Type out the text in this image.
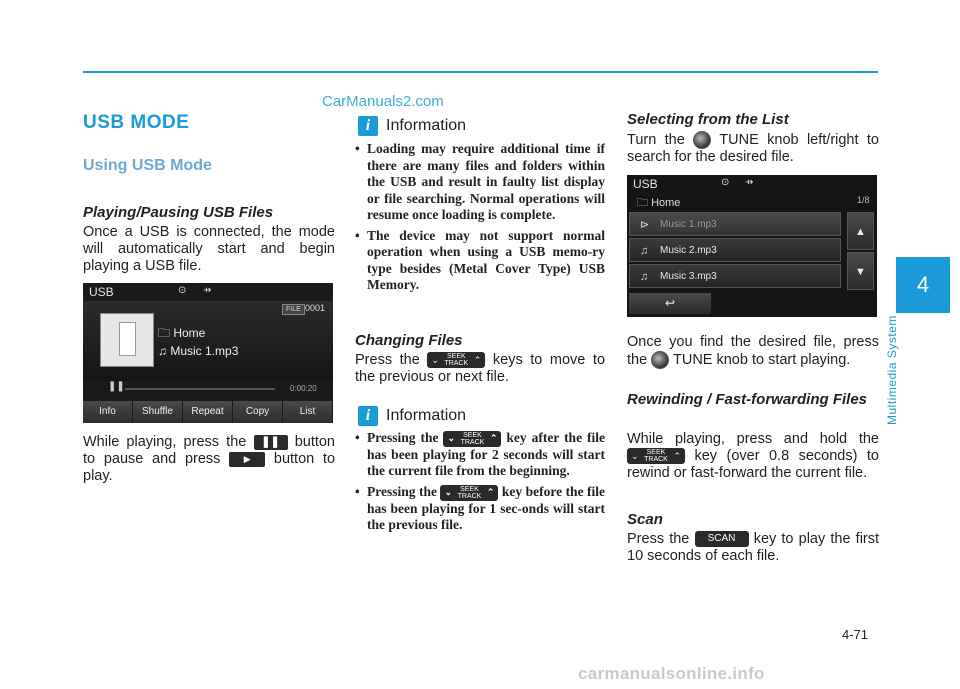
CarManuals2.com
USB MODE
Using USB Mode
Playing/Pausing USB Files

Once a USB is connected, the mode will automatically start and begin playing a USB file.

USB	⊙ ⇸
FILE 0001
🗀 Home
♫ Music 1.mp3
❚❚	0:00:20
Info	Shuffle	Repeat	Copy	List

While playing, press the ❚❚ button to pause and press	▶ button to play.

i Information
• Loading may require additional time if there are many files and folders within the USB and result in faulty list display or file searching. Normal operations will resume once loading is complete.
• The device may not support normal operation when using a USB memo-ry type besides (Metal Cover Type) USB Memory.
Changing Files

Press the ⌄	SEEK
TRACK ⌃ keys to move to the previous or next file.

i Information
• Pressing the ⌄	SEEK
TRACK ⌃ key after the file has been playing for 2 seconds will start the current file from the beginning.
• Pressing the ⌄	SEEK
TRACK ⌃ key before the file has been playing for 1 sec-onds will start the previous file.
Selecting from the List

Turn the TUNE knob left/right to search for the desired file.

USB	⊙ ⇸
🗀 Home	1/8
⊳ Music 1.mp3
♫ Music 2.mp3
♫ Music 3.mp3
▲
▼
↩

Once you find the desired file, press the TUNE knob to start playing.

Rewinding / Fast-forwarding Files

While playing, press and hold the
⌄	SEEK
TRACK ⌃ key (over 0.8 seconds) to rewind or fast-forward the current file.

Scan

Press the SCAN key to play the first 10 seconds of each file.

4
Multimedia System
4-71
carmanualsonline.info
